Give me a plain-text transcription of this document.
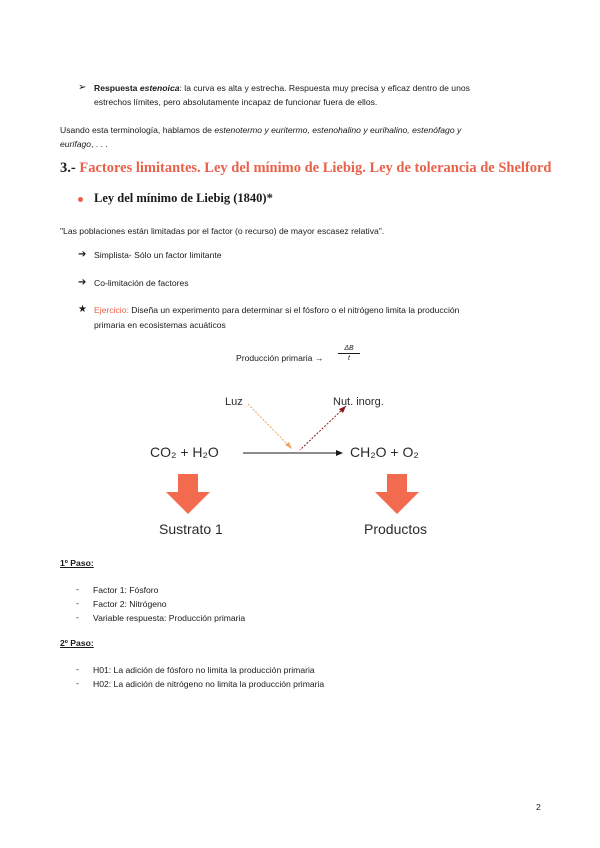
➢ Respuesta estenoica: la curva es alta y estrecha. Respuesta muy precisa y eficaz dentro de unos
estrechos límites, pero absolutamente incapaz de funcionar fuera de ellos.
Usando esta terminología, hablamos de estenotermo y euritermo, estenohalino y eurihalino, estenófago y
eurifago, . . .
3.- Factores limitantes. Ley del mínimo de Liebig. Ley de tolerancia de Shelford
Ley del mínimo de Liebig (1840)*
"Las poblaciones están limitadas por el factor (o recurso) de mayor escasez relativa".
➔ Simplista- Sólo un factor limitante
➔ Co-limitación de factores
★ Ejercicio: Diseña un experimento para determinar si el fósforo o el nitrógeno limita la producción
primaria en ecosistemas acuáticos
Producción primaria →
ΔB
t
Luz	Nut. inorg.
CO₂ + H₂O	CH₂O + O₂
Sustrato 1	Productos
1º Paso:
- Factor 1: Fósforo
- Factor 2: Nitrógeno
- Variable respuesta: Producción primaria
2º Paso:
- H01: La adición de fósforo no limita la producción primaria
- H02: La adición de nitrógeno no limita la producción primaria
2
